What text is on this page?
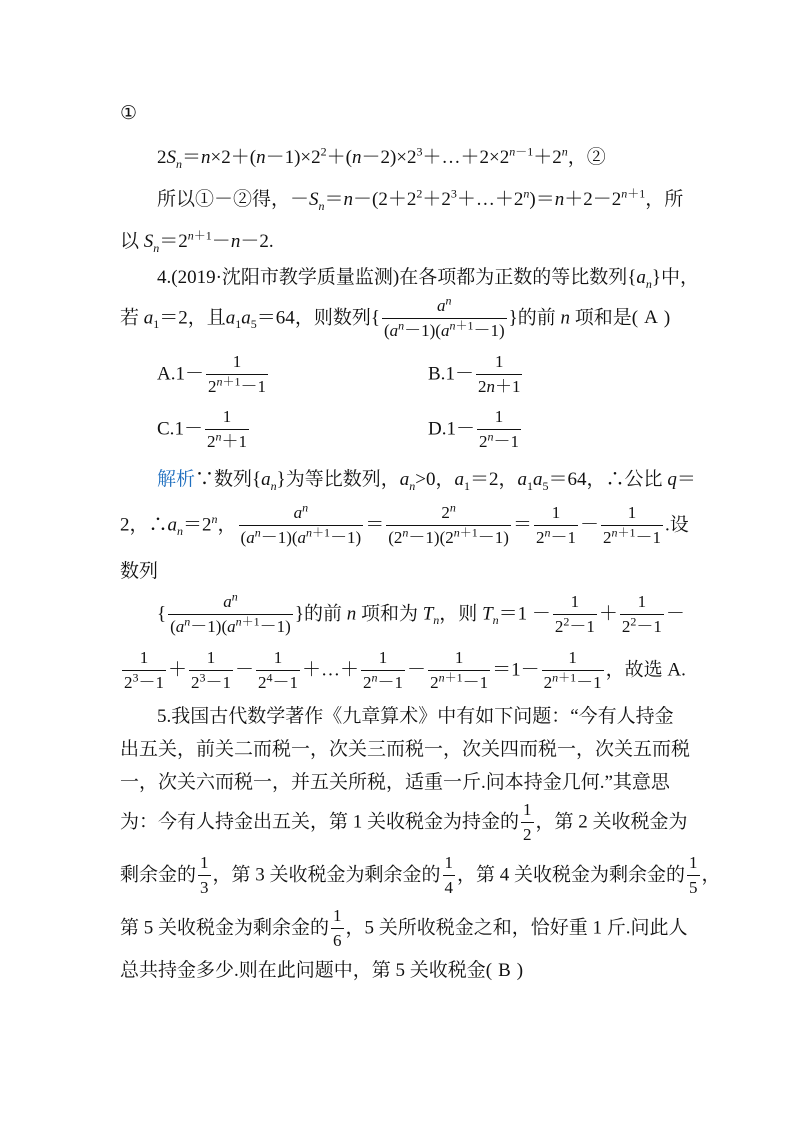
①
$2S_n=n\times 2+(n-1)\times 2^2+(n-2)\times 2^3+\dots+2\times 2^{n-1}+2^n$，②
所以①－②得，$-S_n=n-(2+2^2+2^3+\dots+2^n)=n+2-2^{n+1}$，所
以 $S_n=2^{n+1}-n-2$.
4.(2019·沈阳市教学质量监测)在各项都为正数的等比数列$\{a_n\}$中，
若 $a_1=2$，且$a_1a_5=64$，则数列{ $\frac{a^n}{(a^n-1)(a^{n+1}-1)}$ }的前 n 项和是( A )
$A.1- \frac{1}{2^{n+1}-1}$	$B.1- \frac{1}{2n+1}$
$C.1- \frac{1}{2^n+1}$	$D.1- \frac{1}{2^n-1}$
解析∵数列$\{a_n\}$为等比数列，$a_n>0$，$a_1=2$，$a_1a_5=64$，∴公比 q＝
2，$\therefore a_n=2^n$， $\frac{a^n}{(a^n-1)(a^{n+1}-1)} = \frac{2^n}{(2^n-1)(2^{n+1}-1)} = \frac{1}{2^n-1} - \frac{1}{2^{n+1}-1}$ .设
数列
{ $\frac{a^n}{(a^n-1)(a^{n+1}-1)}$ }的前 n 项和为 $T_n$，则 $T_n=1 - \frac{1}{2^2-1} + \frac{1}{2^2-1}$ －
$\frac{1}{2^3-1} + \frac{1}{2^3-1} - \frac{1}{2^4-1}$ ＋…＋ $\frac{1}{2^n-1} - \frac{1}{2^{n+1}-1} =1- \frac{1}{2^{n+1}-1}$ ，故选 A.
5.我国古代数学著作《九章算术》中有如下问题：“今有人持金
出五关，前关二而税一，次关三而税一，次关四而税一，次关五而税
一，次关六而税一，并五关所税，适重一斤.问本持金几何.”其意思
为：今有人持金出五关，第 1 关收税金为持金的 $\frac{1}{2}$ ，第 2 关收税金为
剩余金的 $\frac{1}{3}$ ，第 3 关收税金为剩余金的 $\frac{1}{4}$ ，第 4 关收税金为剩余金的 $\frac{1}{5}$ ，
第 5 关收税金为剩余金的 $\frac{1}{6}$ ，5 关所收税金之和，恰好重 1 斤.问此人
总共持金多少.则在此问题中，第 5 关收税金( B )
